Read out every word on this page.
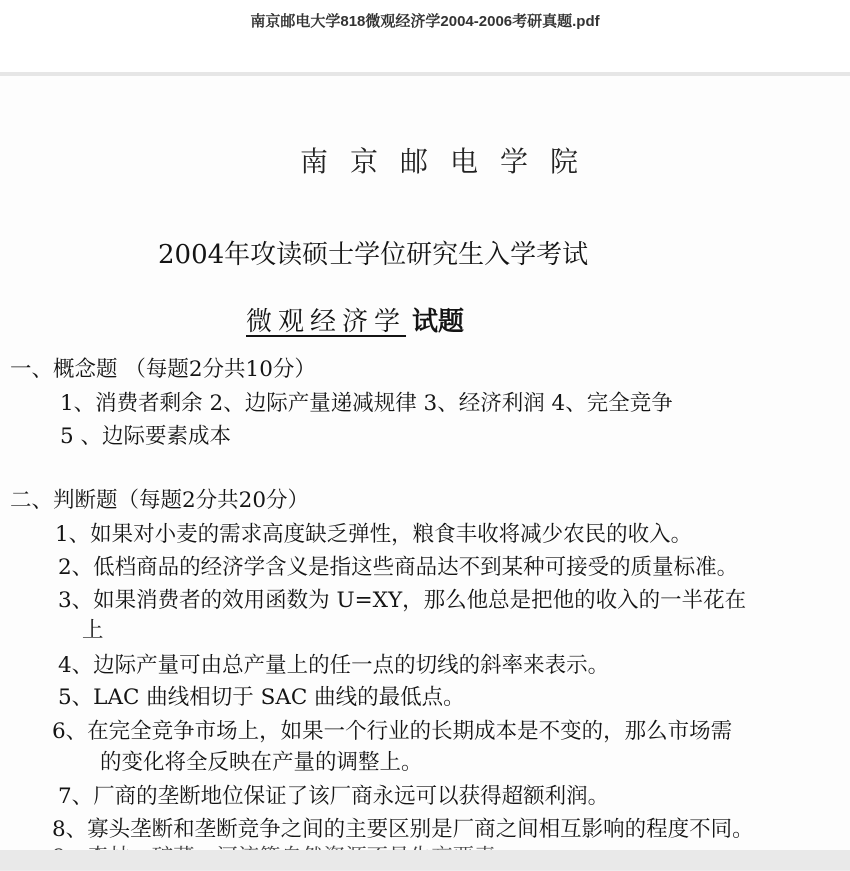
南京邮电大学818微观经济学2004-2006考研真题.pdf
南京邮电学院
2004年攻读硕士学位研究生入学考试
微观经济学 试题
一、概念题 （每题2分共10分）
1、消费者剩余 2、边际产量递减规律 3、经济利润 4、完全竞争
5 、边际要素成本
二、判断题（每题2分共20分）
1、如果对小麦的需求高度缺乏弹性，粮食丰收将减少农民的收入。
2、低档商品的经济学含义是指这些商品达不到某种可接受的质量标准。
3、如果消费者的效用函数为 U=XY，那么他总是把他的收入的一半花在
上
4、边际产量可由总产量上的任一点的切线的斜率来表示。
5、LAC 曲线相切于 SAC 曲线的最低点。
6、在完全竞争市场上，如果一个行业的长期成本是不变的，那么市场需
的变化将全反映在产量的调整上。
7、厂商的垄断地位保证了该厂商永远可以获得超额利润。
8、寡头垄断和垄断竞争之间的主要区别是厂商之间相互影响的程度不同。
